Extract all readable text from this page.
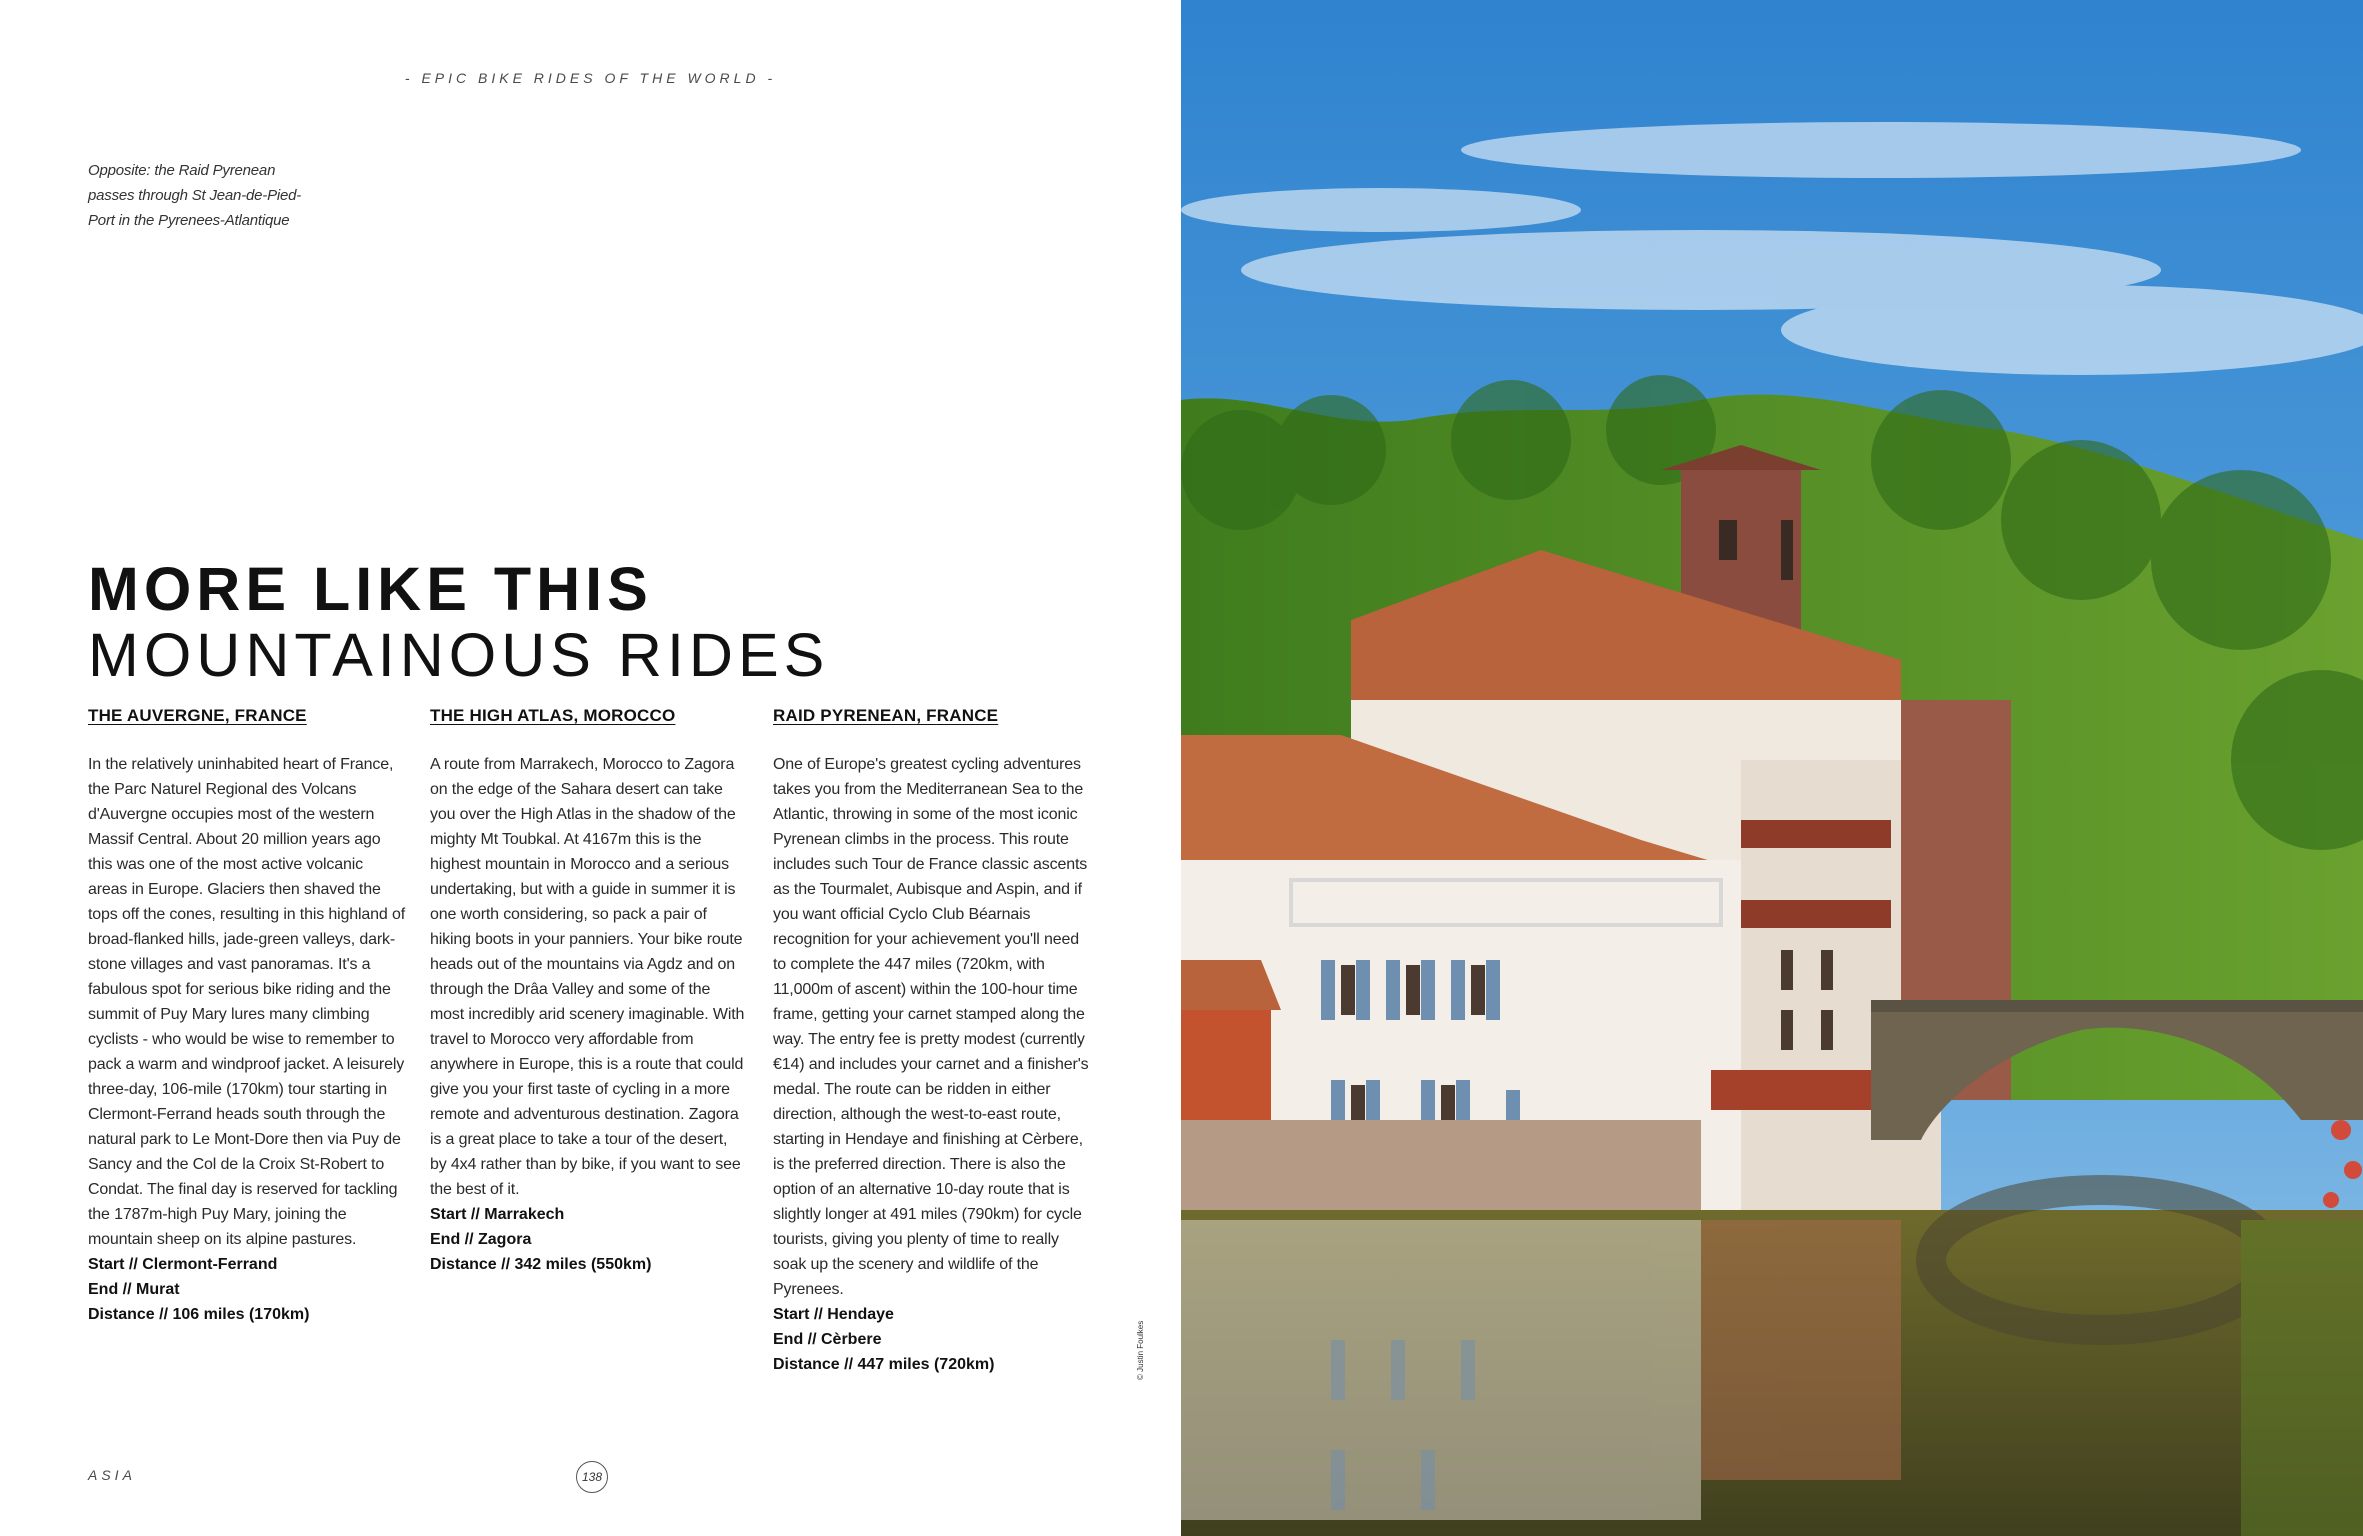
- EPIC BIKE RIDES OF THE WORLD -
Opposite: the Raid Pyrenean
passes through St Jean-de-Pied-
Port in the Pyrenees-Atlantique
MORE LIKE THIS
MOUNTAINOUS RIDES
THE AUVERGNE, FRANCE
In the relatively uninhabited heart of France, the Parc Naturel Regional des Volcans d'Auvergne occupies most of the western Massif Central. About 20 million years ago this was one of the most active volcanic areas in Europe. Glaciers then shaved the tops off the cones, resulting in this highland of broad-flanked hills, jade-green valleys, dark-stone villages and vast panoramas. It's a fabulous spot for serious bike riding and the summit of Puy Mary lures many climbing cyclists - who would be wise to remember to pack a warm and windproof jacket. A leisurely three-day, 106-mile (170km) tour starting in Clermont-Ferrand heads south through the natural park to Le Mont-Dore then via Puy de Sancy and the Col de la Croix St-Robert to Condat. The final day is reserved for tackling the 1787m-high Puy Mary, joining the mountain sheep on its alpine pastures.
Start // Clermont-Ferrand
End // Murat
Distance // 106 miles (170km)
THE HIGH ATLAS, MOROCCO
A route from Marrakech, Morocco to Zagora on the edge of the Sahara desert can take you over the High Atlas in the shadow of the mighty Mt Toubkal. At 4167m this is the highest mountain in Morocco and a serious undertaking, but with a guide in summer it is one worth considering, so pack a pair of hiking boots in your panniers. Your bike route heads out of the mountains via Agdz and on through the Drâa Valley and some of the most incredibly arid scenery imaginable. With travel to Morocco very affordable from anywhere in Europe, this is a route that could give you your first taste of cycling in a more remote and adventurous destination. Zagora is a great place to take a tour of the desert, by 4x4 rather than by bike, if you want to see the best of it.
Start // Marrakech
End // Zagora
Distance // 342 miles (550km)
RAID PYRENEAN, FRANCE
One of Europe's greatest cycling adventures takes you from the Mediterranean Sea to the Atlantic, throwing in some of the most iconic Pyrenean climbs in the process. This route includes such Tour de France classic ascents as the Tourmalet, Aubisque and Aspin, and if you want official Cyclo Club Béarnais recognition for your achievement you'll need to complete the 447 miles (720km, with 11,000m of ascent) within the 100-hour time frame, getting your carnet stamped along the way. The entry fee is pretty modest (currently €14) and includes your carnet and a finisher's medal. The route can be ridden in either direction, although the west-to-east route, starting in Hendaye and finishing at Cèrbere, is the preferred direction. There is also the option of an alternative 10-day route that is slightly longer at 491 miles (790km) for cycle tourists, giving you plenty of time to really soak up the scenery and wildlife of the Pyrenees.
Start // Hendaye
End // Cèrbere
Distance // 447 miles (720km)
ASIA	138
© Justin Foulkes
